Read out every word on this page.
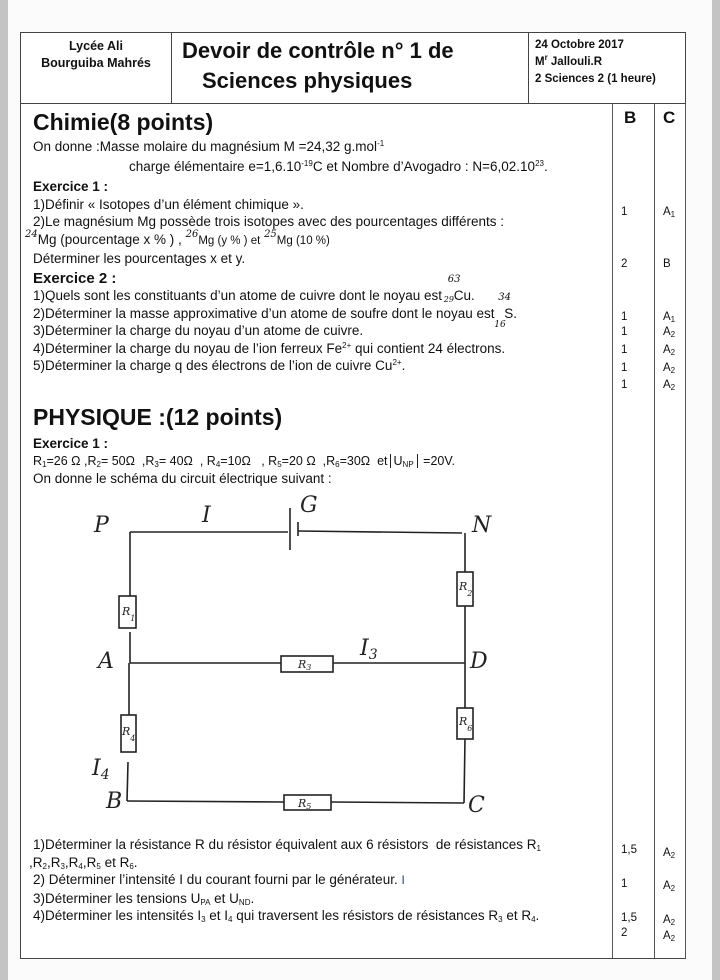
Lycée Ali
Bourguiba Mahrés	Devoir de contrôle n° 1 de
Sciences physiques
24 Octobre 2017
$M^r$ Jallouli.R
2 Sciences 2 (1 heure)
B C
1	$A_1$
2	B
1	$A_1$
1	$A_2$
1	$A_2$
1	$A_2$
1	$A_2$
1,5 $A_2$
1	$A_2$
1,5 $A_2$
2	$A_2$
Chimie(8 points)
On donne :Masse molaire du magnésium M =24,32 g.mol$^{-1}$
charge élémentaire $e=1,6.10^{-19}C$ et Nombre d’Avogadro : $N=6,02.10^{23}$.
Exercice 1 :
1)Définir « Isotopes d’un élément chimique ».
2)Le magnésium Mg possède trois isotopes avec des pourcentages différents :
$^{24}$Mg (pourcentage x % ) , $^{26}$Mg (y % ) et $^{25}$Mg (10 %)
Déterminer les pourcentages x et y.
Exercice 2 :
1)Quels sont les constituants d’un atome de cuivre dont le noyau est
63
29 Cu.
2)Déterminer la masse approximative d’un atome de soufre dont le noyau est
34
16
S.
3)Déterminer la charge du noyau d’un atome de cuivre.
4)Déterminer la charge du noyau de l’ion ferreux $Fe^{2+}$ qui contient 24 électrons.
5)Déterminer la charge q des électrons de l’ion de cuivre $Cu^{2+}$.
PHYSIQUE :(12 points)
Exercice 1 :
$R_1=26$ Ω $,R_2= 50\Omega$  $,R_3= 40\Omega$  , $R_4=10\Omega$   , $R_5=20$ Ω  $,R_6=30\Omega$  et $U_{NP} =20V$.
On donne le schéma du circuit électrique suivant :
1)Déterminer la résistance R du résistor équivalent aux 6 résistors  de résistances $R_1$
$,R_2,R_3,R_4,R_5$ et $R_6$.
2) Déterminer l’intensité I du courant fourni par le générateur. I
3)Déterminer les tensions $U_{PA}$ et $U_{ND}$.
4)Déterminer les intensités $I_3$ et $I_4$ qui traversent les résistors de résistances $R_3$ et $R_4$.
P	N
G
I
A	D
B	C
I3
I4
$R_1$
$R_4$
$R_2$
$R_6$
R3
R5
